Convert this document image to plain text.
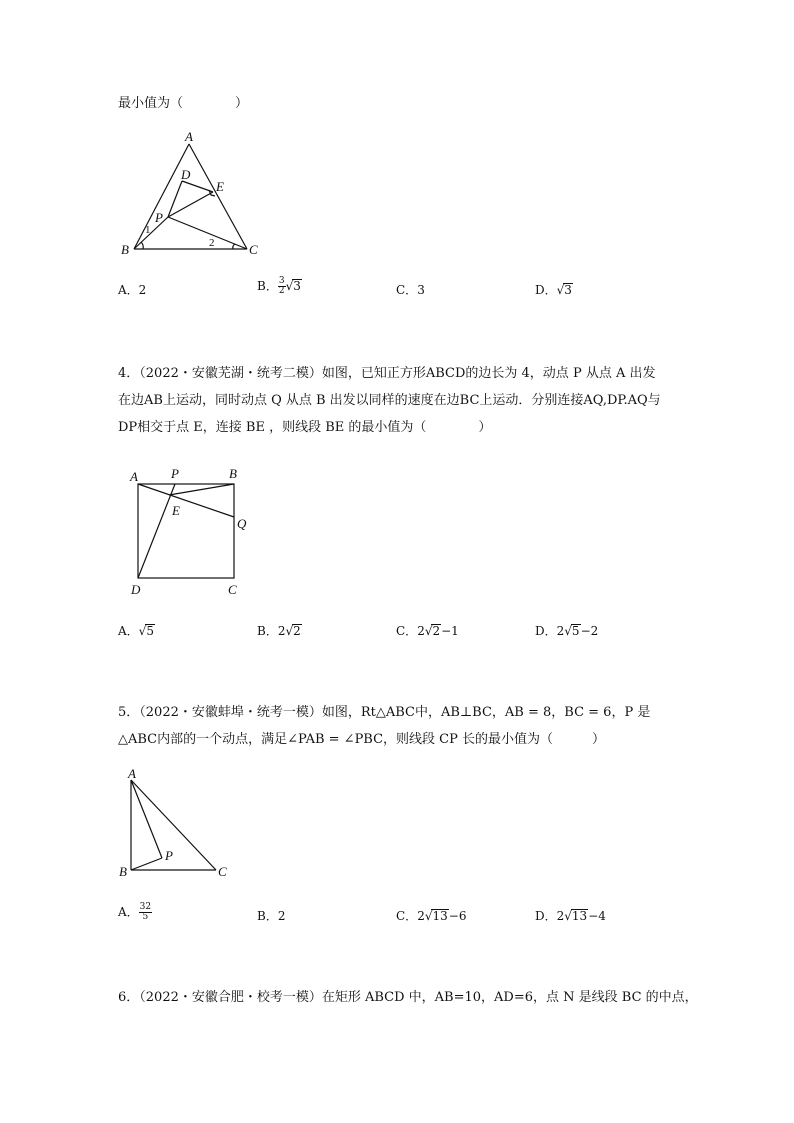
最小值为（　　　　）
A
B	C
D
E
P
1
2
A．2	B． $\frac{3}{2} √3$	C．3	D．√3
4．（2022・安徽芜湖・统考二模）如图，已知正方形ABCD的边长为 4，动点 P 从点 A 出发
在边AB上运动，同时动点 Q 从点 B 出发以同样的速度在边BC上运动．分别连接AQ,DP.AQ与
DP相交于点 E，连接 BE ，则线段 BE 的最小值为（　　　　）
A	P	B
E
Q
D	C
A．√5	B．2√2	C．2√2−1	D．2√5−2
5．（2022・安徽蚌埠・统考一模）如图，Rt△ABC中，AB⊥BC，AB = 8，BC = 6，P 是
△ABC内部的一个动点，满足∠PAB = ∠PBC，则线段 CP 长的最小值为（　　　）
A
B	C
P
A． $\frac{32}{5}$	B．2	C．2√13−6	D．2√13−4
6．（2022・安徽合肥・校考一模）在矩形 ABCD 中，AB=10，AD=6，点 N 是线段 BC 的中点，
